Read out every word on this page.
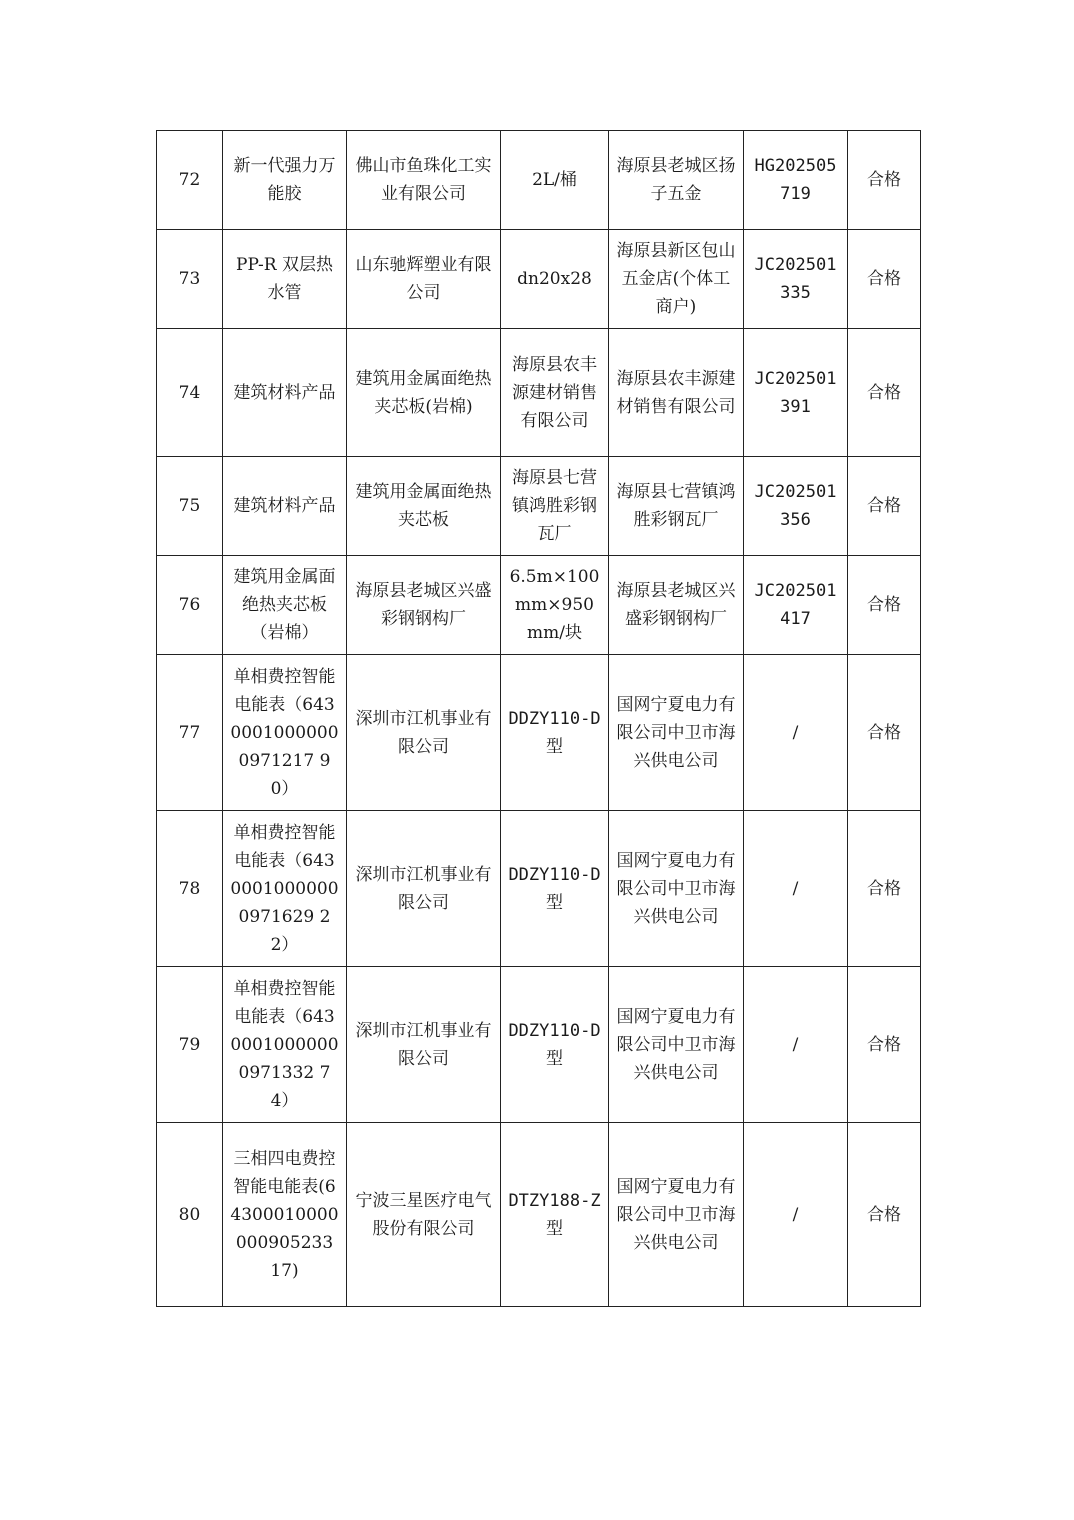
72	新一代强力万能胶	佛山市鱼珠化工实业有限公司	2L/桶	海原县老城区扬子五金	HG202505719	合格
73	PP-R 双层热水管	山东驰辉塑业有限公司	dn20x28	海原县新区包山五金店(个体工商户)	JC202501335	合格
74	建筑材料产品	建筑用金属面绝热夹芯板(岩棉)	海原县农丰源建材销售有限公司	海原县农丰源建材销售有限公司	JC202501391	合格
75	建筑材料产品	建筑用金属面绝热夹芯板	海原县七营镇鸿胜彩钢瓦厂	海原县七营镇鸿胜彩钢瓦厂	JC202501356	合格
76	建筑用金属面绝热夹芯板（岩棉）	海原县老城区兴盛彩钢钢构厂	6.5m×100mm×950mm/块	海原县老城区兴盛彩钢钢构厂	JC202501417	合格
77	单相费控智能电能表（64300010000000971217 90）	深圳市江机事业有限公司	DDZY110-D型	国网宁夏电力有限公司中卫市海兴供电公司	/	合格
78	单相费控智能电能表（64300010000000971629 22）	深圳市江机事业有限公司	DDZY110-D型	国网宁夏电力有限公司中卫市海兴供电公司	/	合格
79	单相费控智能电能表（64300010000000971332 74）	深圳市江机事业有限公司	DDZY110-D型	国网宁夏电力有限公司中卫市海兴供电公司	/	合格
80	三相四电费控智能电能表(64300010000000905233 17)	宁波三星医疗电气股份有限公司	DTZY188-Z型	国网宁夏电力有限公司中卫市海兴供电公司	/	合格
